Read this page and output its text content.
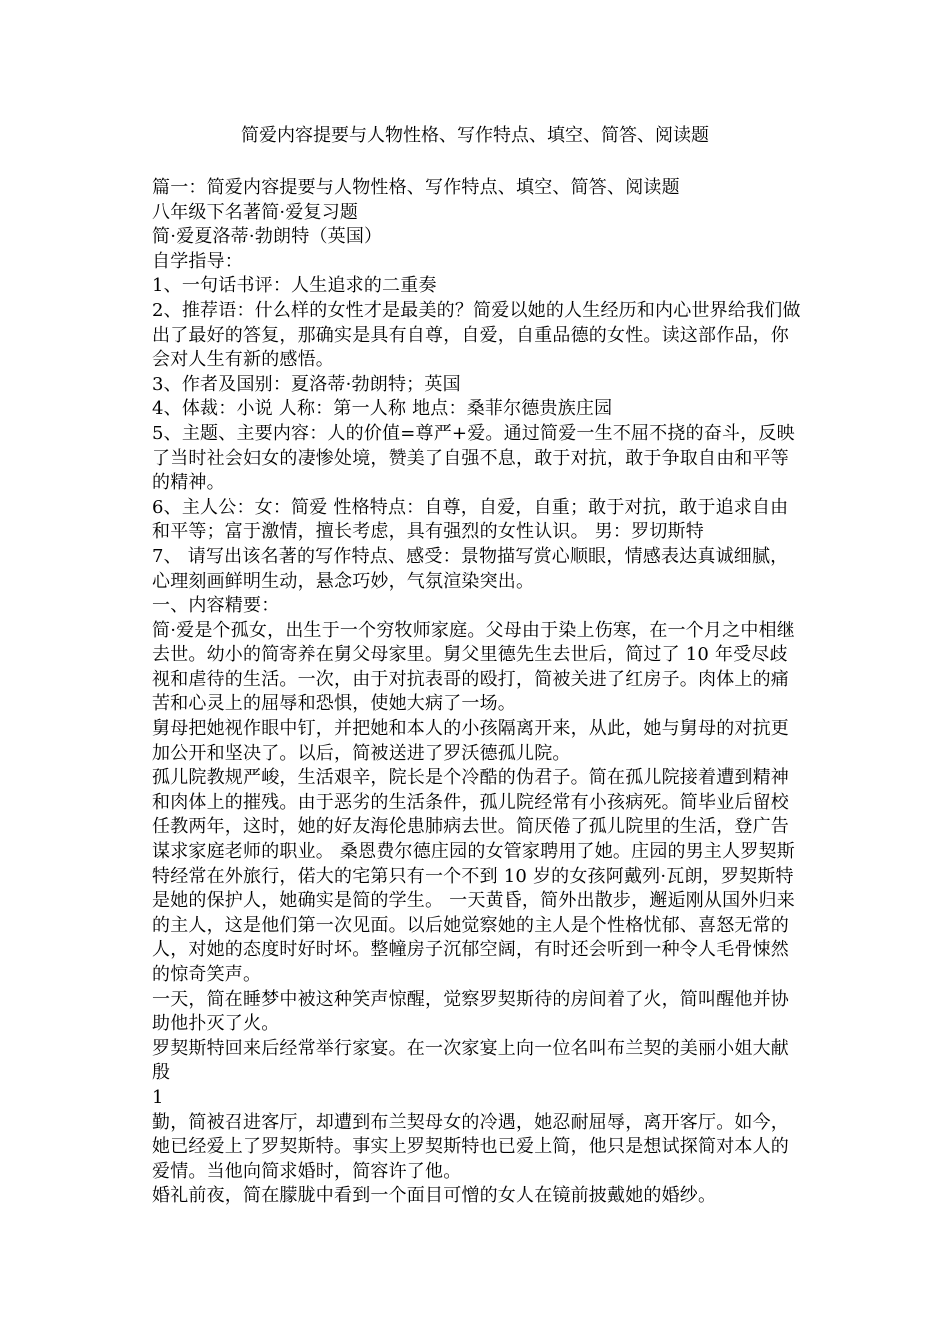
简爱内容提要与人物性格、写作特点、填空、简答、阅读题

篇一：简爱内容提要与人物性格、写作特点、填空、简答、阅读题

八年级下名著简·爱复习题

简·爱夏洛蒂·勃朗特（英国）

自学指导：

1、一句话书评：人生追求的二重奏

2、推荐语：什么样的女性才是最美的？简爱以她的人生经历和内心世界给我们做出了最好的答复，那确实是具有自尊，自爱，自重品德的女性。读这部作品，你会对人生有新的感悟。

3、作者及国别：夏洛蒂·勃朗特；英国

4、体裁：小说 人称：第一人称 地点：桑菲尔德贵族庄园

5、主题、主要内容：人的价值=尊严+爱。通过简爱一生不屈不挠的奋斗，反映了当时社会妇女的凄惨处境，赞美了自强不息，敢于对抗，敢于争取自由和平等的精神。

6、主人公：女：简爱 性格特点：自尊，自爱，自重；敢于对抗，敢于追求自由和平等；富于激情，擅长考虑，具有强烈的女性认识。 男：罗切斯特

7、 请写出该名著的写作特点、感受：景物描写赏心顺眼，情感表达真诚细腻，心理刻画鲜明生动，悬念巧妙，气氛渲染突出。

一、内容精要：

简·爱是个孤女，出生于一个穷牧师家庭。父母由于染上伤寒，在一个月之中相继去世。幼小的简寄养在舅父母家里。舅父里德先生去世后，简过了 10 年受尽歧视和虐待的生活。一次，由于对抗表哥的殴打，简被关进了红房子。肉体上的痛苦和心灵上的屈辱和恐惧，使她大病了一场。

舅母把她视作眼中钉，并把她和本人的小孩隔离开来，从此，她与舅母的对抗更加公开和坚决了。以后，简被送进了罗沃德孤儿院。

孤儿院教规严峻，生活艰辛，院长是个冷酷的伪君子。简在孤儿院接着遭到精神和肉体上的摧残。由于恶劣的生活条件，孤儿院经常有小孩病死。简毕业后留校任教两年，这时，她的好友海伦患肺病去世。简厌倦了孤儿院里的生活，登广告谋求家庭老师的职业。 桑恩费尔德庄园的女管家聘用了她。庄园的男主人罗契斯特经常在外旅行，偌大的宅第只有一个不到 10 岁的女孩阿戴列·瓦朗，罗契斯特是她的保护人，她确实是简的学生。 一天黄昏，简外出散步，邂逅刚从国外归来的主人，这是他们第一次见面。以后她觉察她的主人是个性格忧郁、喜怒无常的人，对她的态度时好时坏。整幢房子沉郁空阔，有时还会听到一种令人毛骨悚然的惊奇笑声。

一天，简在睡梦中被这种笑声惊醒，觉察罗契斯待的房间着了火，简叫醒他并协助他扑灭了火。

罗契斯特回来后经常举行家宴。在一次家宴上向一位名叫布兰契的美丽小姐大献殷

1

勤，简被召进客厅，却遭到布兰契母女的冷遇，她忍耐屈辱，离开客厅。如今，她已经爱上了罗契斯特。事实上罗契斯特也已爱上简，他只是想试探简对本人的爱情。当他向简求婚时，简容许了他。

婚礼前夜，简在朦胧中看到一个面目可憎的女人在镜前披戴她的婚纱。
